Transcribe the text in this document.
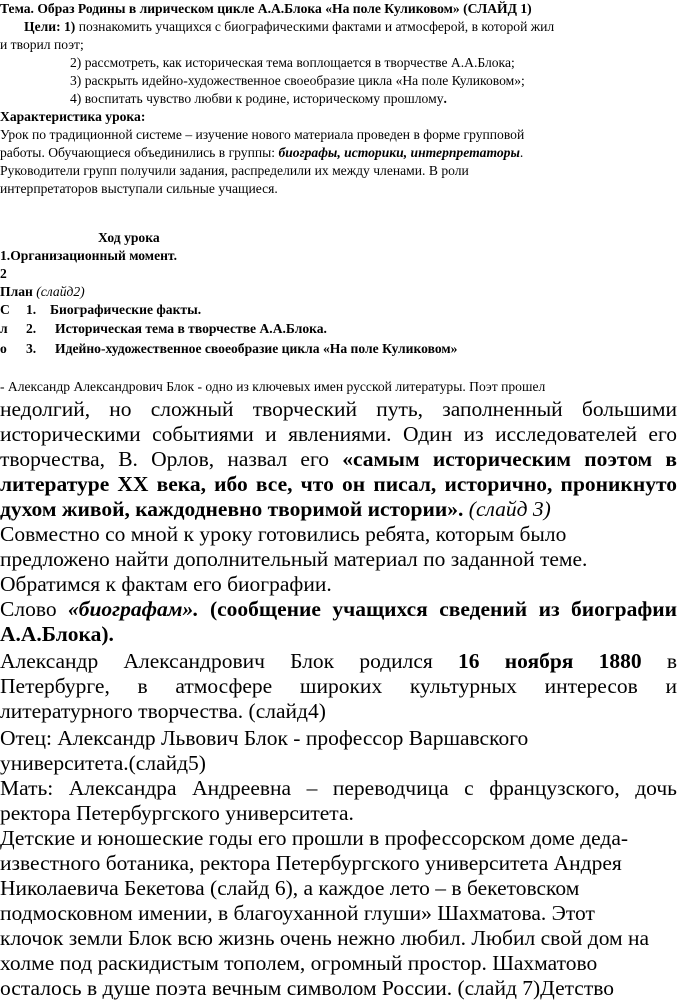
Тема. Образ Родины в лирическом цикле А.А.Блока «На поле Куликовом» (СЛАЙД 1)
Цели: 1) познакомить учащихся с биографическими фактами и атмосферой, в которой жил
и творил поэт;
2) рассмотреть, как историческая тема воплощается в творчестве А.А.Блока;
3) раскрыть идейно-художественное своеобразие цикла «На поле Куликовом»;
4) воспитать чувство любви к родине, историческому прошлому.
Характеристика урока:
Урок по традиционной системе – изучение нового материала проведен в форме групповой
работы. Обучающиеся объединились в группы: биографы, историки, интерпретаторы.
Руководители групп получили задания, распределили их между членами. В роли
интерпретаторов выступали сильные учащиеся.
Ход урока
1.Организационный момент.
2
План (слайд2)
С 1. Биографические факты.
л 2. Историческая тема в творчестве А.А.Блока.
о 3. Идейно-художественное своеобразие цикла «На поле Куликовом»
- Александр Александрович Блок - одно из ключевых имен русской литературы. Поэт прошел
недолгий, но сложный творческий путь, заполненный большими
историческими событиями и явлениями. Один из исследователей его
творчества, В. Орлов, назвал его «самым историческим поэтом в
литературе XX века, ибо все, что он писал, исторично, проникнуто
духом живой, каждодневно творимой истории». (слайд 3)
Совместно со мной к уроку готовились ребята, которым было
предложено найти дополнительный материал по заданной теме.
Обратимся к фактам его биографии.
Слово «биографам». (сообщение учащихся сведений из биографии
А.А.Блока).
Александр Александрович Блок родился 16 ноября 1880 в
Петербурге, в атмосфере широких культурных интересов и
литературного творчества. (слайд4)
Отец: Александр Львович Блок - профессор Варшавского
университета.(слайд5)
Мать: Александра Андреевна – переводчица с французского, дочь
ректора Петербургского университета.
Детские и юношеские годы его прошли в профессорском доме деда-
известного ботаника, ректора Петербургского университета Андрея
Николаевича Бекетова (слайд 6), а каждое лето – в бекетовском
подмосковном имении, в благоуханной глуши» Шахматова. Этот
клочок земли Блок всю жизнь очень нежно любил. Любил свой дом на
холме под раскидистым тополем, огромный простор. Шахматово
осталось в душе поэта вечным символом России. (слайд 7)Детство
